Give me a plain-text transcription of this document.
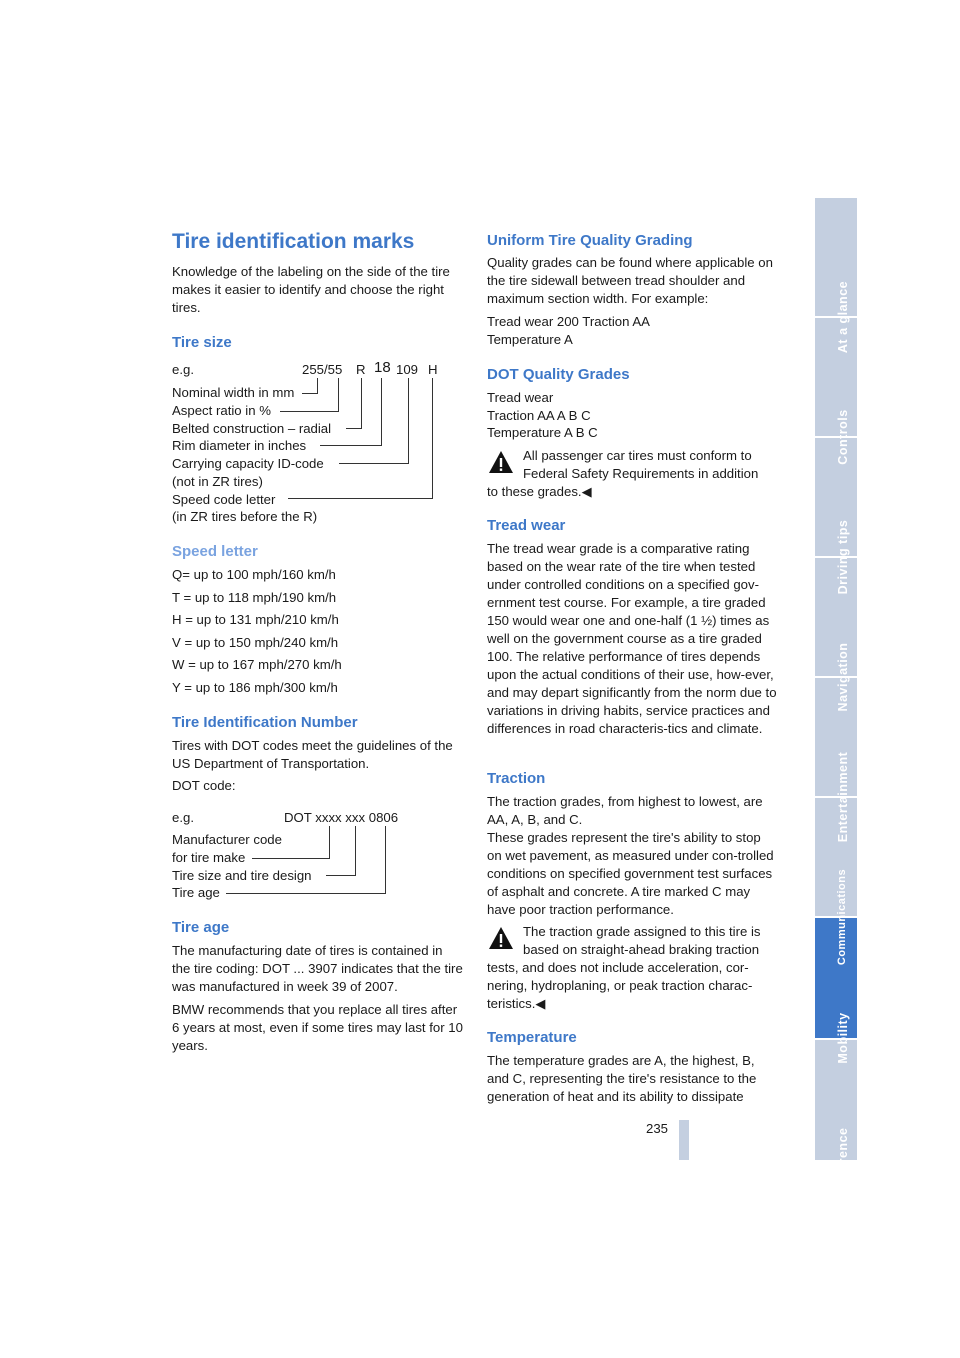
Tire identification marks

Knowledge of the labeling on the side of the tire makes it easier to identify and choose the right tires.

Tire size
e.g.	255/55 R 18 109 H
Nominal width in mm
Aspect ratio in %
Belted construction – radial
Rim diameter in inches
Carrying capacity ID-code
(not in ZR tires)
Speed code letter
(in ZR tires before the R)
Speed letter
Q= up to 100 mph/160 km/h
T = up to 118 mph/190 km/h
H = up to 131 mph/210 km/h
V = up to 150 mph/240 km/h
W = up to 167 mph/270 km/h
Y = up to 186 mph/300 km/h
Tire Identification Number

Tires with DOT codes meet the guidelines of the US Department of Transportation.

DOT code:
e.g.	DOT xxxx xxx 0806
Manufacturer code
for tire make
Tire size and tire design
Tire age
Tire age

The manufacturing date of tires is contained in the tire coding: DOT ... 3907 indicates that the tire was manufactured in week 39 of 2007.

BMW recommends that you replace all tires after 6 years at most, even if some tires may last for 10 years.

Uniform Tire Quality Grading

Quality grades can be found where applicable on the tire sidewall between tread shoulder and maximum section width. For example:

Tread wear 200 Traction AA
Temperature A
DOT Quality Grades
Tread wear
Traction AA A B C
Temperature A B C
All passenger car tires must conform to
Federal Safety Requirements in addition
to these grades.◀
Tread wear

The tread wear grade is a comparative rating based on the wear rate of the tire when tested under controlled conditions on a specified gov-ernment test course. For example, a tire graded 150 would wear one and one-half (1 ½) times as well on the government course as a tire graded 100. The relative performance of tires depends upon the actual conditions of their use, how-ever, and may depart significantly from the norm due to variations in driving habits, service practices and differences in road characteris-tics and climate.

Traction

The traction grades, from highest to lowest, are AA, A, B, and C.

These grades represent the tire's ability to stop on wet pavement, as measured under con-trolled conditions on specified government test surfaces of asphalt and concrete. A tire marked C may have poor traction performance.

The traction grade assigned to this tire is
based on straight-ahead braking traction

tests, and does not include acceleration, cor-nering, hydroplaning, or peak traction charac-teristics.◀

Temperature

The temperature grades are A, the highest, B, and C, representing the tire's resistance to the generation of heat and its ability to dissipate

235
At a glance
Controls
Driving tips
Navigation
Entertainment
Communications
Mobility
Reference
